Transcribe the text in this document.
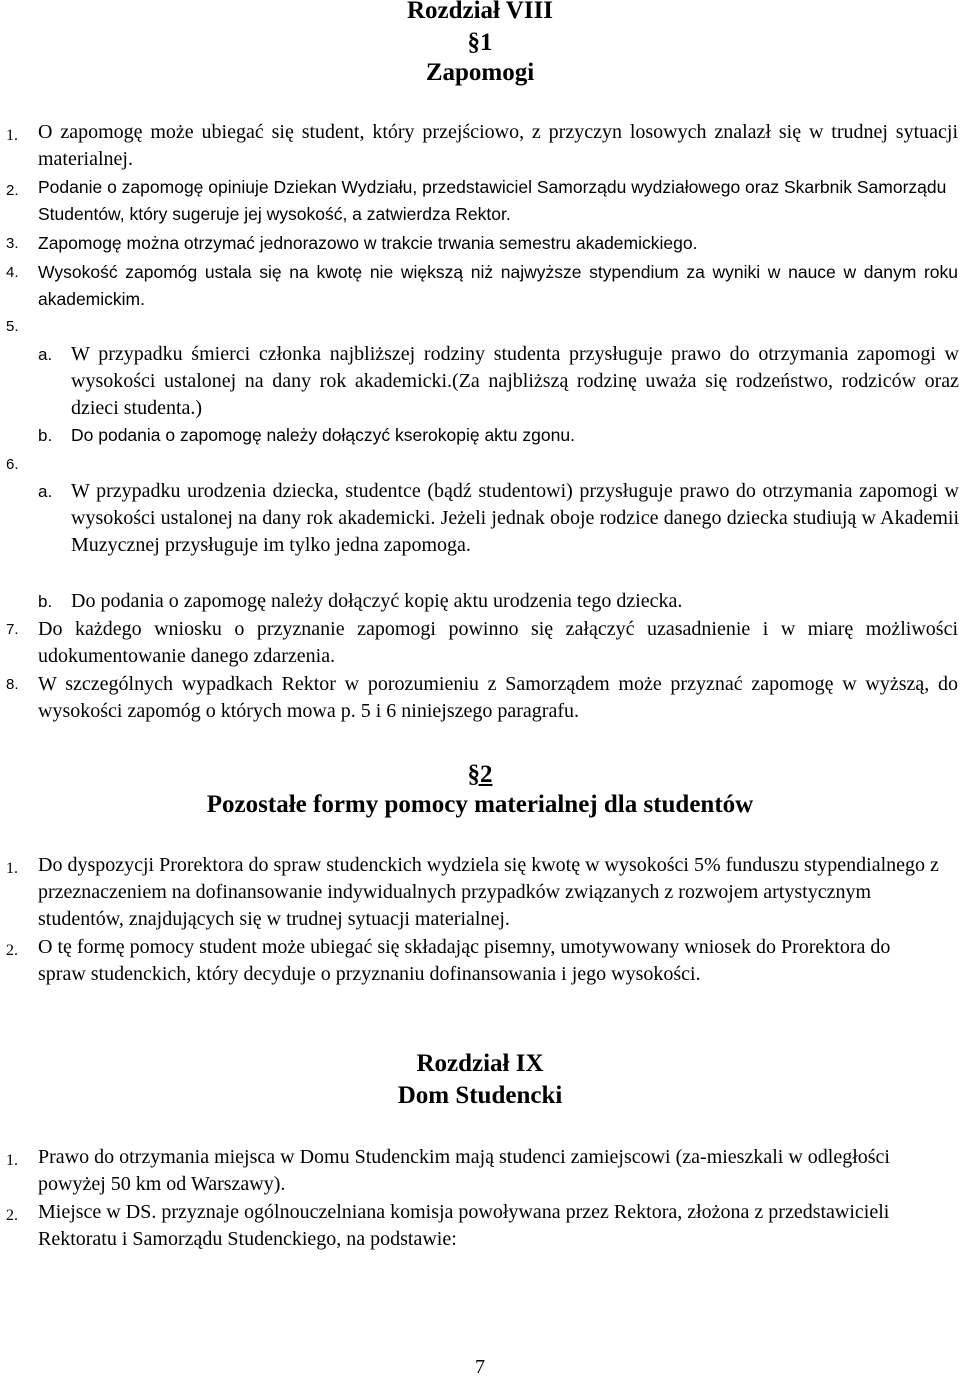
Rozdział VIII
§1
Zapomogi
1. O zapomogę może ubiegać się student, który przejściowo, z przyczyn losowych znalazł się w trudnej sytuacji materialnej.
2. Podanie o zapomogę opiniuje Dziekan Wydziału, przedstawiciel Samorządu wydziałowego oraz Skarbnik Samorządu Studentów, który sugeruje jej wysokość, a zatwierdza Rektor.
3. Zapomogę można otrzymać jednorazowo w trakcie trwania semestru akademickiego.
4. Wysokość zapomóg ustala się na kwotę nie większą niż najwyższe stypendium za wyniki w nauce w danym roku akademickim.
5.
a. W przypadku śmierci członka najbliższej rodziny studenta przysługuje prawo do otrzymania zapomogi w wysokości ustalonej na dany rok akademicki.(Za najbliższą rodzinę uważa się rodzeństwo, rodziców oraz dzieci studenta.)
b. Do podania o zapomogę należy dołączyć kserokopię aktu zgonu.
6.
a. W przypadku urodzenia dziecka, studentce (bądź studentowi) przysługuje prawo do otrzymania zapomogi w wysokości ustalonej na dany rok akademicki. Jeżeli jednak oboje rodzice danego dziecka studiują w Akademii Muzycznej przysługuje im tylko jedna zapomoga.
b. Do podania o zapomogę należy dołączyć kopię aktu urodzenia tego dziecka.
7. Do każdego wniosku o przyznanie zapomogi powinno się załączyć uzasadnienie i w miarę możliwości udokumentowanie danego zdarzenia.
8. W szczególnych wypadkach Rektor w porozumieniu z Samorządem może przyznać zapomogę w wyższą, do wysokości zapomóg o których mowa p. 5 i 6 niniejszego paragrafu.
§2
Pozostałe formy pomocy materialnej dla studentów
1. Do dyspozycji Prorektora do spraw studenckich wydziela się kwotę w wysokości 5% funduszu stypendialnego z przeznaczeniem na dofinansowanie indywidualnych przypadków związanych z rozwojem artystycznym studentów, znajdujących się w trudnej sytuacji materialnej.
2. O tę formę pomocy student może ubiegać się składając pisemny, umotywowany wniosek do Prorektora do spraw studenckich, który decyduje o przyznaniu dofinansowania i jego wysokości.
Rozdział IX
Dom Studencki
1. Prawo do otrzymania miejsca w Domu Studenckim mają studenci zamiejscowi (za-mieszkali w odległości powyżej 50 km od Warszawy).
2. Miejsce w DS. przyznaje ogólnouczelniana komisja powoływana przez Rektora, złożona z przedstawicieli Rektoratu i Samorządu Studenckiego, na podstawie:
7
